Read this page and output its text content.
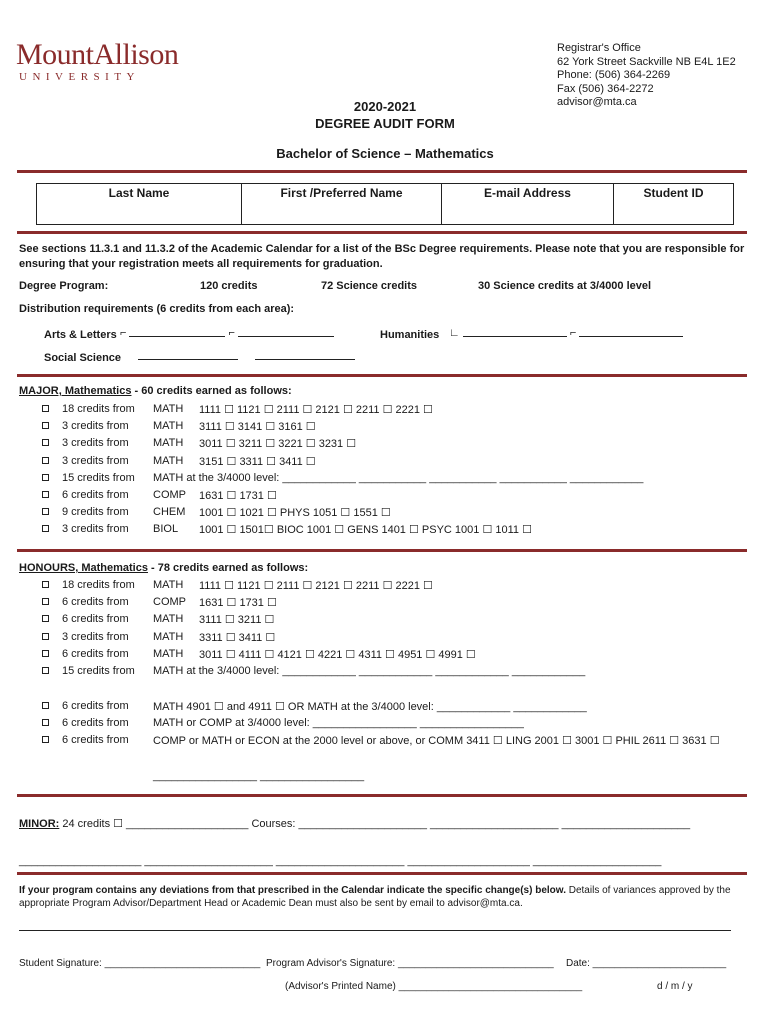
MountAllison
UNIVERSITY
Registrar's Office
62 York Street Sackville NB E4L 1E2
Phone: (506) 364-2269
Fax (506) 364-2272
advisor@mta.ca
2020-2021
DEGREE AUDIT FORM
Bachelor of Science – Mathematics
Last Name	First /Preferred Name	E-mail Address	Student ID
See sections 11.3.1 and 11.3.2 of the Academic Calendar for a list of the BSc Degree requirements. Please note that you are responsible for ensuring that your registration meets all requirements for graduation.
Degree Program:	120 credits	72 Science credits	30 Science credits at 3/4000 level
Distribution requirements (6 credits from each area):
Arts & Letters ⌐	⌐	Humanities ∟	⌐
Social Science

MAJOR, Mathematics - 60 credits earned as follows:
18 credits from MATH 1111 ☐ 1121 ☐ 2111 ☐ 2121 ☐ 2211 ☐ 2221 ☐
3 credits from MATH 3111 ☐ 3141 ☐ 3161 ☐
3 credits from MATH 3011 ☐ 3211 ☐ 3221 ☐ 3231 ☐
3 credits from MATH 3151 ☐ 3311 ☐ 3411 ☐
15 credits from MATH at the 3/4000 level: ____________ ___________ ___________ ___________ ____________
6 credits from COMP 1631 ☐ 1731 ☐
9 credits from CHEM 1001 ☐ 1021 ☐ PHYS 1051 ☐ 1551 ☐
3 credits from BIOL 1001 ☐ 1501☐ BIOC 1001 ☐ GENS 1401 ☐ PSYC 1001 ☐ 1011 ☐
HONOURS, Mathematics - 78 credits earned as follows:
18 credits from MATH 1111 ☐ 1121 ☐ 2111 ☐ 2121 ☐ 2211 ☐ 2221 ☐
6 credits from COMP 1631 ☐ 1731 ☐
6 credits from MATH 3111 ☐ 3211 ☐
3 credits from MATH 3311 ☐ 3411 ☐
6 credits from MATH 3011 ☐ 4111 ☐ 4121 ☐ 4221 ☐ 4311 ☐ 4951 ☐ 4991 ☐
15 credits from MATH at the 3/4000 level: ____________ ____________ ____________ ____________
6 credits from MATH 4901 ☐ and 4911 ☐ OR MATH at the 3/4000 level: ____________ ____________
6 credits from MATH or COMP at 3/4000 level: _________________ _________________
6 credits from COMP or MATH or ECON at the 2000 level or above, or COMM 3411 ☐ LING 2001 ☐ 3001 ☐ PHIL 2611 ☐ 3631 ☐
_________________ _________________
MINOR: 24 credits ☐ ____________________ Courses: _____________________ _____________________ _____________________
____________________ _____________________ _____________________ ____________________ _____________________
If your program contains any deviations from that prescribed in the Calendar indicate the specific change(s) below. Details of variances approved by the appropriate Program Advisor/Department Head or Academic Dean must also be sent by email to advisor@mta.ca.
Student Signature: ____________________________ Program Advisor's Signature: ____________________________ Date: ________________________
(Advisor's Printed Name) _________________________________	d / m / y
